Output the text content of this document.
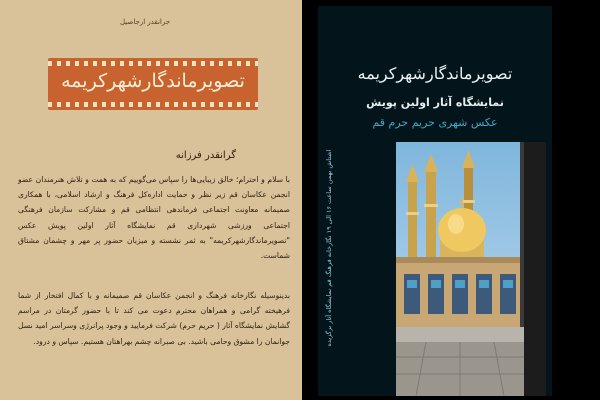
جرانقدر ارجاصیل
تصویرماندگارشهرکریمه
گرانقدر فرزانه

با سلام و احترام؛ خالق زیبایی‌ها را سپاس می‌گوییم که به همت و تلاش هنرمندان عضو انجمن عکاسان قم زیر نظر و حمایت اداره‌کل فرهنگ و ارشاد اسلامی، با همکاری صمیمانه معاونت اجتماعی فرماندهی انتظامی قم و مشارکت سازمان فرهنگی اجتماعی ورزشی شهرداری قم نمایشگاه آثار اولین پویش عکس "تصویرماندگارشهرکریمه" به ثمر نشسته و میزبان حضور پر مهر و چشمان مشتاق شماست.

بدینوسیله نگارخانه فرهنگ و انجمن عکاسان قم صمیمانه و با کمال افتخار از شما فرهیخته گرامی و همراهان محترم دعوت می کند تا با حضور گرمتان در مراسم گشایش نمایشگاه آثار ( حریم حرم) شرکت فرمایید و وجود پرانرژی وسراسر امید نسل جوانمان را مشوق وحامی باشید. بی صبرانه چشم بهراهتان هستیم. سپاس و درود.

تصویرماندگارشهرکریمه
نمایشگاه آثار اولین پویش
عکس شهری حریم حرم قم
اشتاش بهمن ساعت ۱۶ الی ۱۹ نگارخانه فرهنگ قم نمایشگاه آثار برگزیده
